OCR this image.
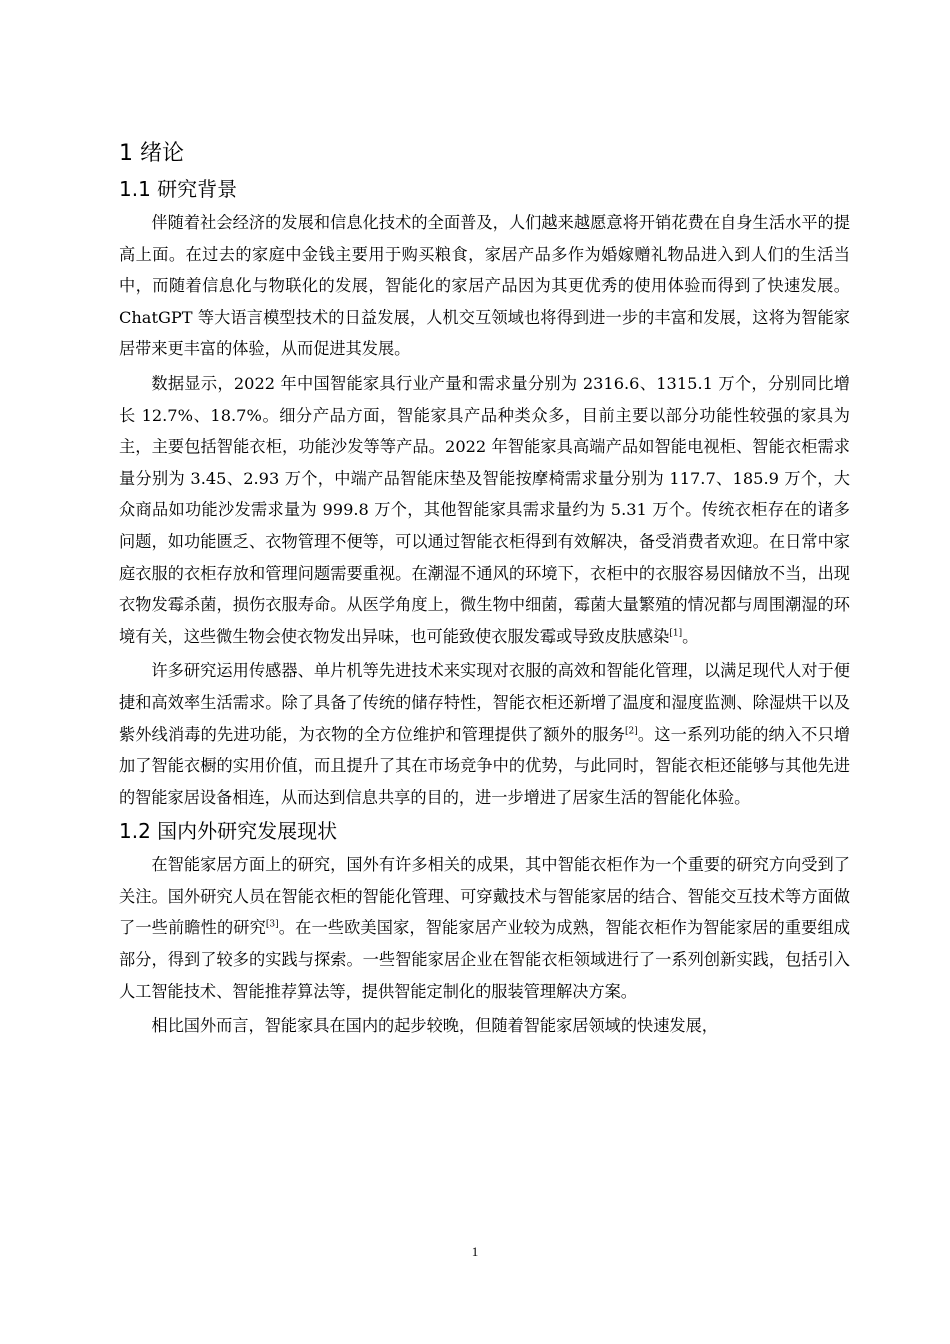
1 绪论
1.1 研究背景

伴随着社会经济的发展和信息化技术的全面普及，人们越来越愿意将开销花费在自身生活水平的提高上面。在过去的家庭中金钱主要用于购买粮食，家居产品多作为婚嫁赠礼物品进入到人们的生活当中，而随着信息化与物联化的发展，智能化的家居产品因为其更优秀的使用体验而得到了快速发展。ChatGPT 等大语言模型技术的日益发展，人机交互领域也将得到进一步的丰富和发展，这将为智能家居带来更丰富的体验，从而促进其发展。

数据显示，2022 年中国智能家具行业产量和需求量分别为 2316.6、1315.1 万个，分别同比增长 12.7%、18.7%。细分产品方面，智能家具产品种类众多，目前主要以部分功能性较强的家具为主，主要包括智能衣柜，功能沙发等等产品。2022 年智能家具高端产品如智能电视柜、智能衣柜需求量分别为 3.45、2.93 万个，中端产品智能床垫及智能按摩椅需求量分别为 117.7、185.9 万个，大众商品如功能沙发需求量为 999.8 万个，其他智能家具需求量约为 5.31 万个。传统衣柜存在的诸多问题，如功能匮乏、衣物管理不便等，可以通过智能衣柜得到有效解决，备受消费者欢迎。在日常中家庭衣服的衣柜存放和管理问题需要重视。在潮湿不通风的环境下，衣柜中的衣服容易因储放不当，出现衣物发霉杀菌，损伤衣服寿命。从医学角度上，微生物中细菌，霉菌大量繁殖的情况都与周围潮湿的环境有关，这些微生物会使衣物发出异味，也可能致使衣服发霉或导致皮肤感染[1]。

许多研究运用传感器、单片机等先进技术来实现对衣服的高效和智能化管理，以满足现代人对于便捷和高效率生活需求。除了具备了传统的储存特性，智能衣柜还新增了温度和湿度监测、除湿烘干以及紫外线消毒的先进功能，为衣物的全方位维护和管理提供了额外的服务[2]。这一系列功能的纳入不只增加了智能衣橱的实用价值，而且提升了其在市场竞争中的优势，与此同时，智能衣柜还能够与其他先进的智能家居设备相连，从而达到信息共享的目的，进一步增进了居家生活的智能化体验。

1.2 国内外研究发展现状

在智能家居方面上的研究，国外有许多相关的成果，其中智能衣柜作为一个重要的研究方向受到了关注。国外研究人员在智能衣柜的智能化管理、可穿戴技术与智能家居的结合、智能交互技术等方面做了一些前瞻性的研究[3]。在一些欧美国家，智能家居产业较为成熟，智能衣柜作为智能家居的重要组成部分，得到了较多的实践与探索。一些智能家居企业在智能衣柜领域进行了一系列创新实践，包括引入人工智能技术、智能推荐算法等，提供智能定制化的服装管理解决方案。

相比国外而言，智能家具在国内的起步较晚，但随着智能家居领域的快速发展，

1
